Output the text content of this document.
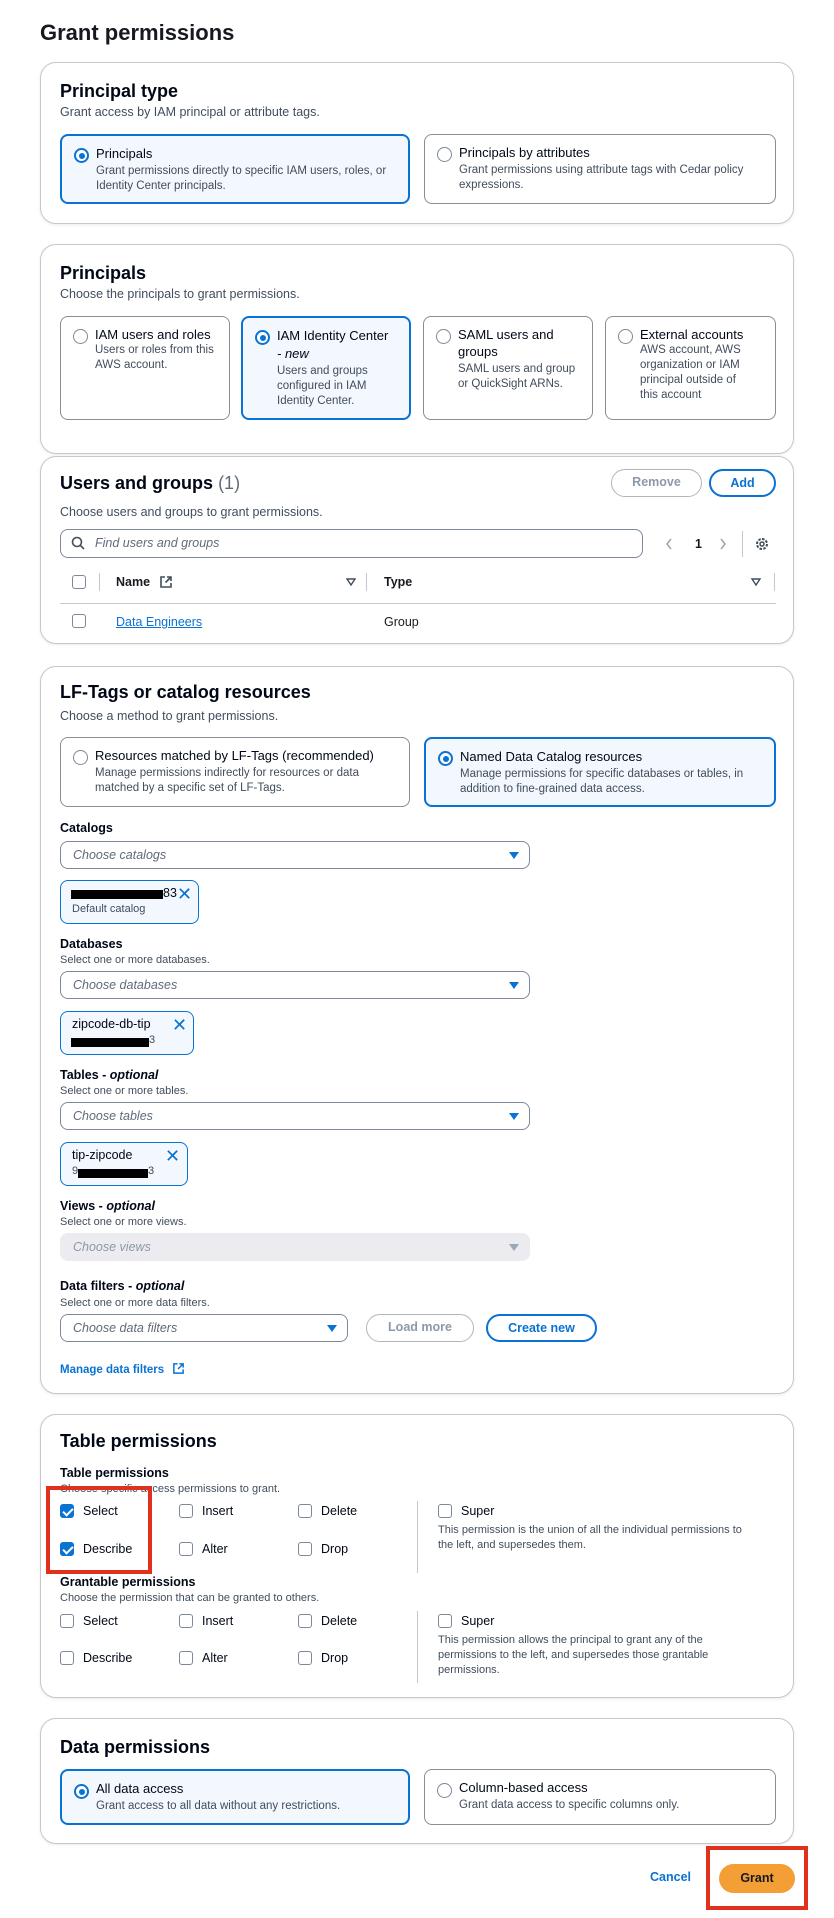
Grant permissions
Principal type
Grant access by IAM principal or attribute tags.
Principals
Grant permissions directly to specific IAM users, roles, or
Identity Center principals.
Principals by attributes
Grant permissions using attribute tags with Cedar policy
expressions.
Principals
Choose the principals to grant permissions.
IAM users and roles
Users or roles from this
AWS account.
IAM Identity Center
- new
Users and groups
configured in IAM
Identity Center.
SAML users and
groups
SAML users and group
or QuickSight ARNs.
External accounts
AWS account, AWS
organization or IAM
principal outside of
this account
Users and groups (1)
Choose users and groups to grant permissions.
Remove	Add
Find users and groups	1
Name	Type
Data Engineers	Group
LF-Tags or catalog resources
Choose a method to grant permissions.
Resources matched by LF-Tags (recommended)
Manage permissions indirectly for resources or data
matched by a specific set of LF-Tags.
Named Data Catalog resources
Manage permissions for specific databases or tables, in
addition to fine-grained data access.
Catalogs
Choose catalogs
83
Default catalog
✕
Databases
Select one or more databases.
Choose databases
zipcode-db-tip
3
✕
Tables - optional
Select one or more tables.
Choose tables
tip-zipcode
9	3
✕
Views - optional
Select one or more views.
Choose views
Data filters - optional
Select one or more data filters.
Choose data filters	Load more	Create new
Manage data filters
Table permissions
Table permissions
Choose specific access permissions to grant.
Select	Insert	Delete
Describe	Alter	Drop
Super
This permission is the union of all the individual permissions to
the left, and supersedes them.
Grantable permissions
Choose the permission that can be granted to others.
Select	Insert	Delete
Describe	Alter	Drop
Super
This permission allows the principal to grant any of the
permissions to the left, and supersedes those grantable
permissions.
Data permissions
All data access
Grant access to all data without any restrictions.
Column-based access
Grant data access to specific columns only.
Cancel	Grant
